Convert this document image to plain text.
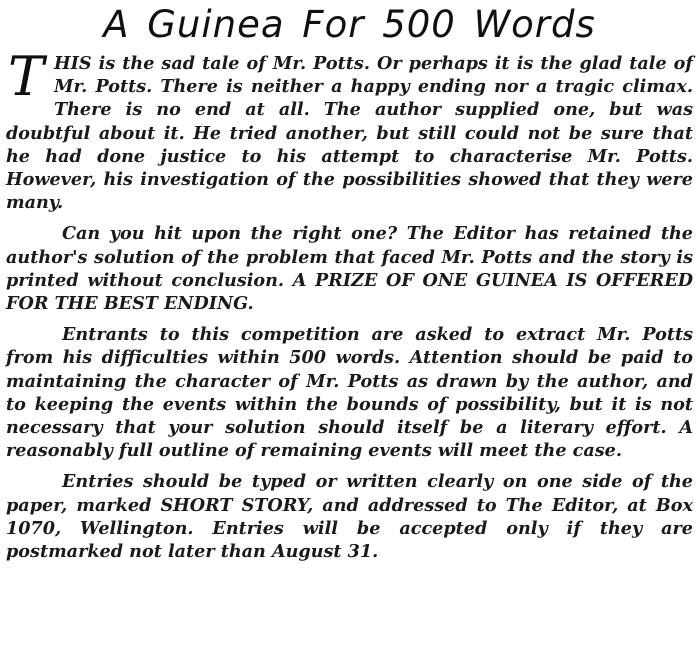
A Guinea For 500 Words

THIS is the sad tale of Mr. Potts. Or perhaps it is the glad tale of Mr. Potts. There is neither a happy ending nor a tragic climax. There is no end at all. The author supplied one, but was doubtful about it. He tried another, but still could not be sure that he had done justice to his attempt to characterise Mr. Potts. However, his investigation of the possibilities showed that they were many.

Can you hit upon the right one? The Editor has retained the author's solution of the problem that faced Mr. Potts and the story is printed without conclusion. A PRIZE OF ONE GUINEA IS OFFERED FOR THE BEST ENDING.

Entrants to this competition are asked to extract Mr. Potts from his difficulties within 500 words. Attention should be paid to maintaining the character of Mr. Potts as drawn by the author, and to keeping the events within the bounds of possibility, but it is not necessary that your solution should itself be a literary effort. A reasonably full outline of remaining events will meet the case.

Entries should be typed or written clearly on one side of the paper, marked SHORT STORY, and addressed to The Editor, at Box 1070, Wellington. Entries will be accepted only if they are postmarked not later than August 31.
